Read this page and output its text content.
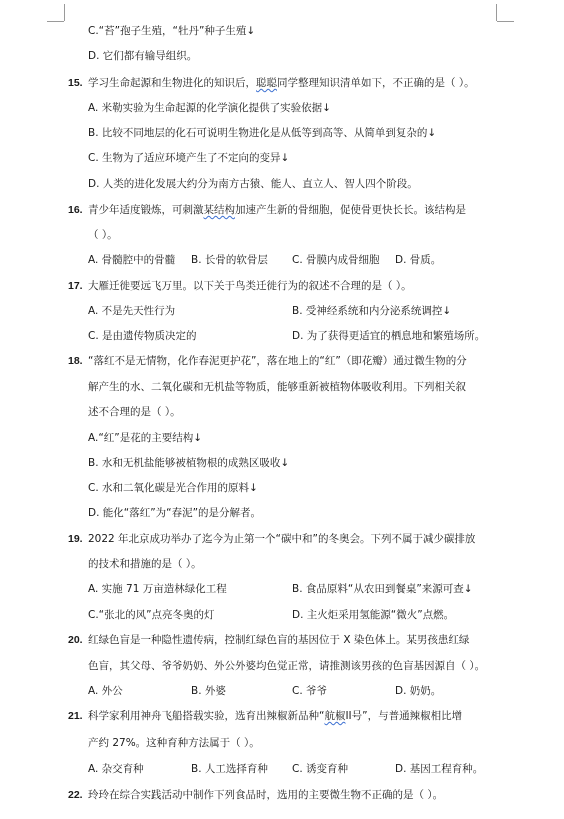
C.“苔”孢子生殖，“牡丹”种子生殖↓
D. 它们都有输导组织。
15. 学习生命起源和生物进化的知识后，聪聪同学整理知识清单如下，不正确的是（ ）。
A. 米勒实验为生命起源的化学演化提供了实验依据↓
B. 比较不同地层的化石可说明生物进化是从低等到高等、从简单到复杂的↓
C. 生物为了适应环境产生了不定向的变异↓
D. 人类的进化发展大约分为南方古猿、能人、直立人、智人四个阶段。
16. 青少年适度锻炼，可刺激某结构加速产生新的骨细胞，促使骨更快长长。该结构是
（ ）。
A. 骨髓腔中的骨髓 B. 长骨的软骨层 C. 骨膜内成骨细胞 D. 骨质。
17. 大雁迁徙要远飞万里。以下关于鸟类迁徙行为的叙述不合理的是（ ）。
A. 不是先天性行为	B. 受神经系统和内分泌系统调控↓
C. 是由遗传物质决定的	D. 为了获得更适宜的栖息地和繁殖场所。
18. “落红不是无情物，化作春泥更护花”，落在地上的“红”（即花瓣）通过微生物的分
解产生的水、二氧化碳和无机盐等物质，能够重新被植物体吸收利用。下列相关叙
述不合理的是（ ）。
A.“红”是花的主要结构↓
B. 水和无机盐能够被植物根的成熟区吸收↓
C. 水和二氧化碳是光合作用的原料↓
D. 能化“落红”为“春泥”的是分解者。
19. 2022 年北京成功举办了迄今为止第一个“碳中和”的冬奥会。下列不属于减少碳排放
的技术和措施的是（ ）。
A. 实施 71 万亩造林绿化工程	B. 食品原料“从农田到餐桌”来源可查↓
C.“张北的风”点亮冬奥的灯	D. 主火炬采用氢能源“微火”点燃。
20. 红绿色盲是一种隐性遗传病，控制红绿色盲的基因位于 X 染色体上。某男孩患红绿
色盲，其父母、爷爷奶奶、外公外婆均色觉正常，请推测该男孩的色盲基因源自（ ）。
A. 外公	B. 外婆	C. 爷爷	D. 奶奶。
21. 科学家利用神舟飞船搭载实验，选育出辣椒新品种“航椒II号”，与普通辣椒相比增
产约 27%。这种育种方法属于（ ）。
A. 杂交育种	B. 人工选择育种 C. 诱变育种	D. 基因工程育种。
22. 玲玲在综合实践活动中制作下列食品时，选用的主要微生物不正确的是（ ）。
